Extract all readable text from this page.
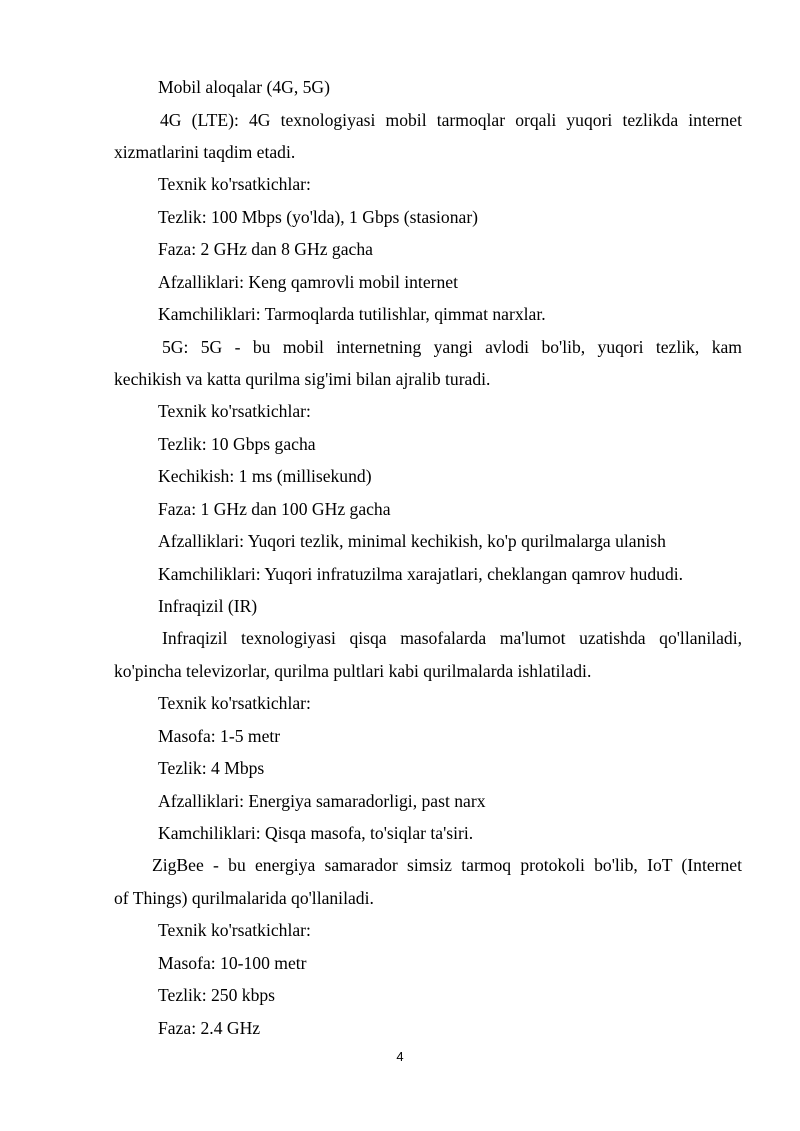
Mobil aloqalar (4G, 5G)
4G (LTE): 4G texnologiyasi mobil tarmoqlar orqali yuqori tezlikda internet
xizmatlarini taqdim etadi.
Texnik ko'rsatkichlar:
Tezlik: 100 Mbps (yo'lda), 1 Gbps (stasionar)
Faza: 2 GHz dan 8 GHz gacha
Afzalliklari: Keng qamrovli mobil internet
Kamchiliklari: Tarmoqlarda tutilishlar, qimmat narxlar.
5G: 5G - bu mobil internetning yangi avlodi bo'lib, yuqori tezlik, kam
kechikish va katta qurilma sig'imi bilan ajralib turadi.
Texnik ko'rsatkichlar:
Tezlik: 10 Gbps gacha
Kechikish: 1 ms (millisekund)
Faza: 1 GHz dan 100 GHz gacha
Afzalliklari: Yuqori tezlik, minimal kechikish, ko'p qurilmalarga ulanish
Kamchiliklari: Yuqori infratuzilma xarajatlari, cheklangan qamrov hududi.
Infraqizil (IR)
Infraqizil texnologiyasi qisqa masofalarda ma'lumot uzatishda qo'llaniladi,
ko'pincha televizorlar, qurilma pultlari kabi qurilmalarda ishlatiladi.
Texnik ko'rsatkichlar:
Masofa: 1-5 metr
Tezlik: 4 Mbps
Afzalliklari: Energiya samaradorligi, past narx
Kamchiliklari: Qisqa masofa, to'siqlar ta'siri.
ZigBee - bu energiya samarador simsiz tarmoq protokoli bo'lib, IoT (Internet
of Things) qurilmalarida qo'llaniladi.
Texnik ko'rsatkichlar:
Masofa: 10-100 metr
Tezlik: 250 kbps
Faza: 2.4 GHz
4
